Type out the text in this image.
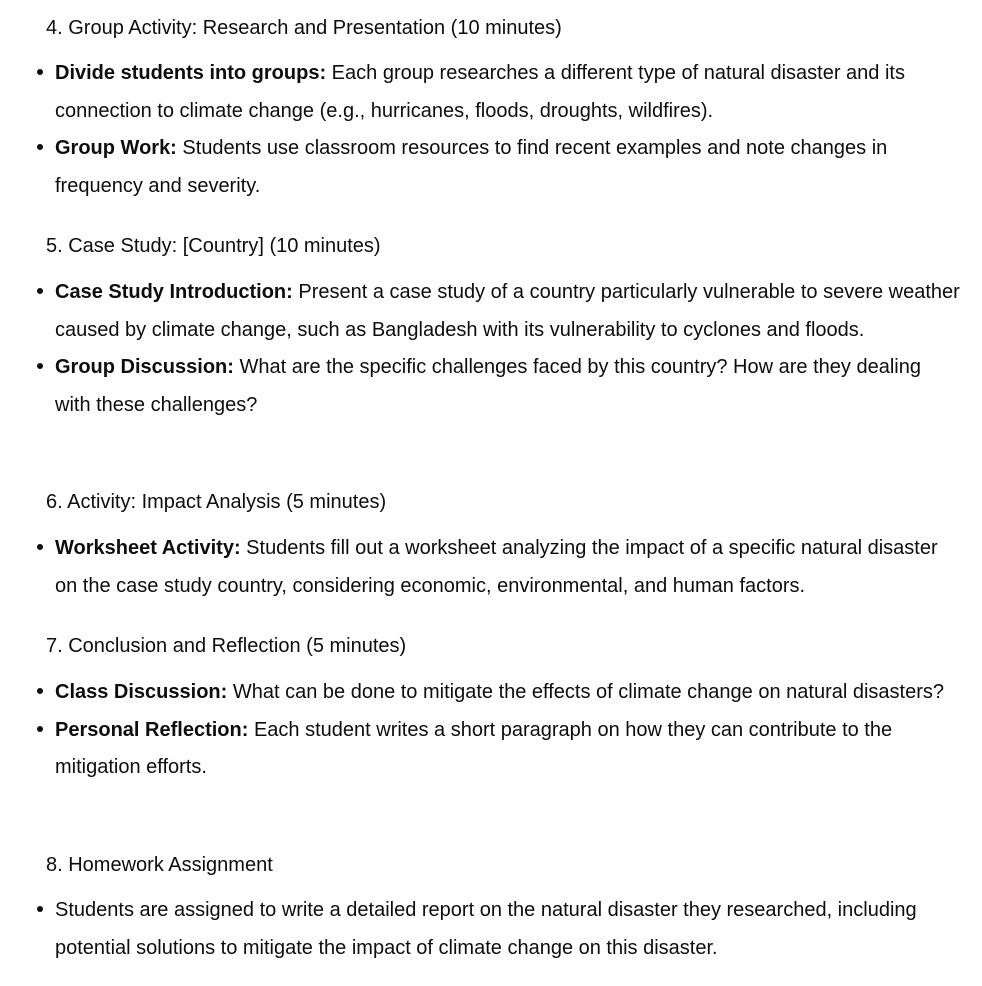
4. Group Activity: Research and Presentation (10 minutes)
Divide students into groups: Each group researches a different type of natural disaster and its connection to climate change (e.g., hurricanes, floods, droughts, wildfires).
Group Work: Students use classroom resources to find recent examples and note changes in frequency and severity.
5. Case Study: [Country] (10 minutes)
Case Study Introduction: Present a case study of a country particularly vulnerable to severe weather caused by climate change, such as Bangladesh with its vulnerability to cyclones and floods.
Group Discussion: What are the specific challenges faced by this country? How are they dealing with these challenges?
6. Activity: Impact Analysis (5 minutes)
Worksheet Activity: Students fill out a worksheet analyzing the impact of a specific natural disaster on the case study country, considering economic, environmental, and human factors.
7. Conclusion and Reflection (5 minutes)
Class Discussion: What can be done to mitigate the effects of climate change on natural disasters?
Personal Reflection: Each student writes a short paragraph on how they can contribute to the mitigation efforts.
8. Homework Assignment
Students are assigned to write a detailed report on the natural disaster they researched, including potential solutions to mitigate the impact of climate change on this disaster.
